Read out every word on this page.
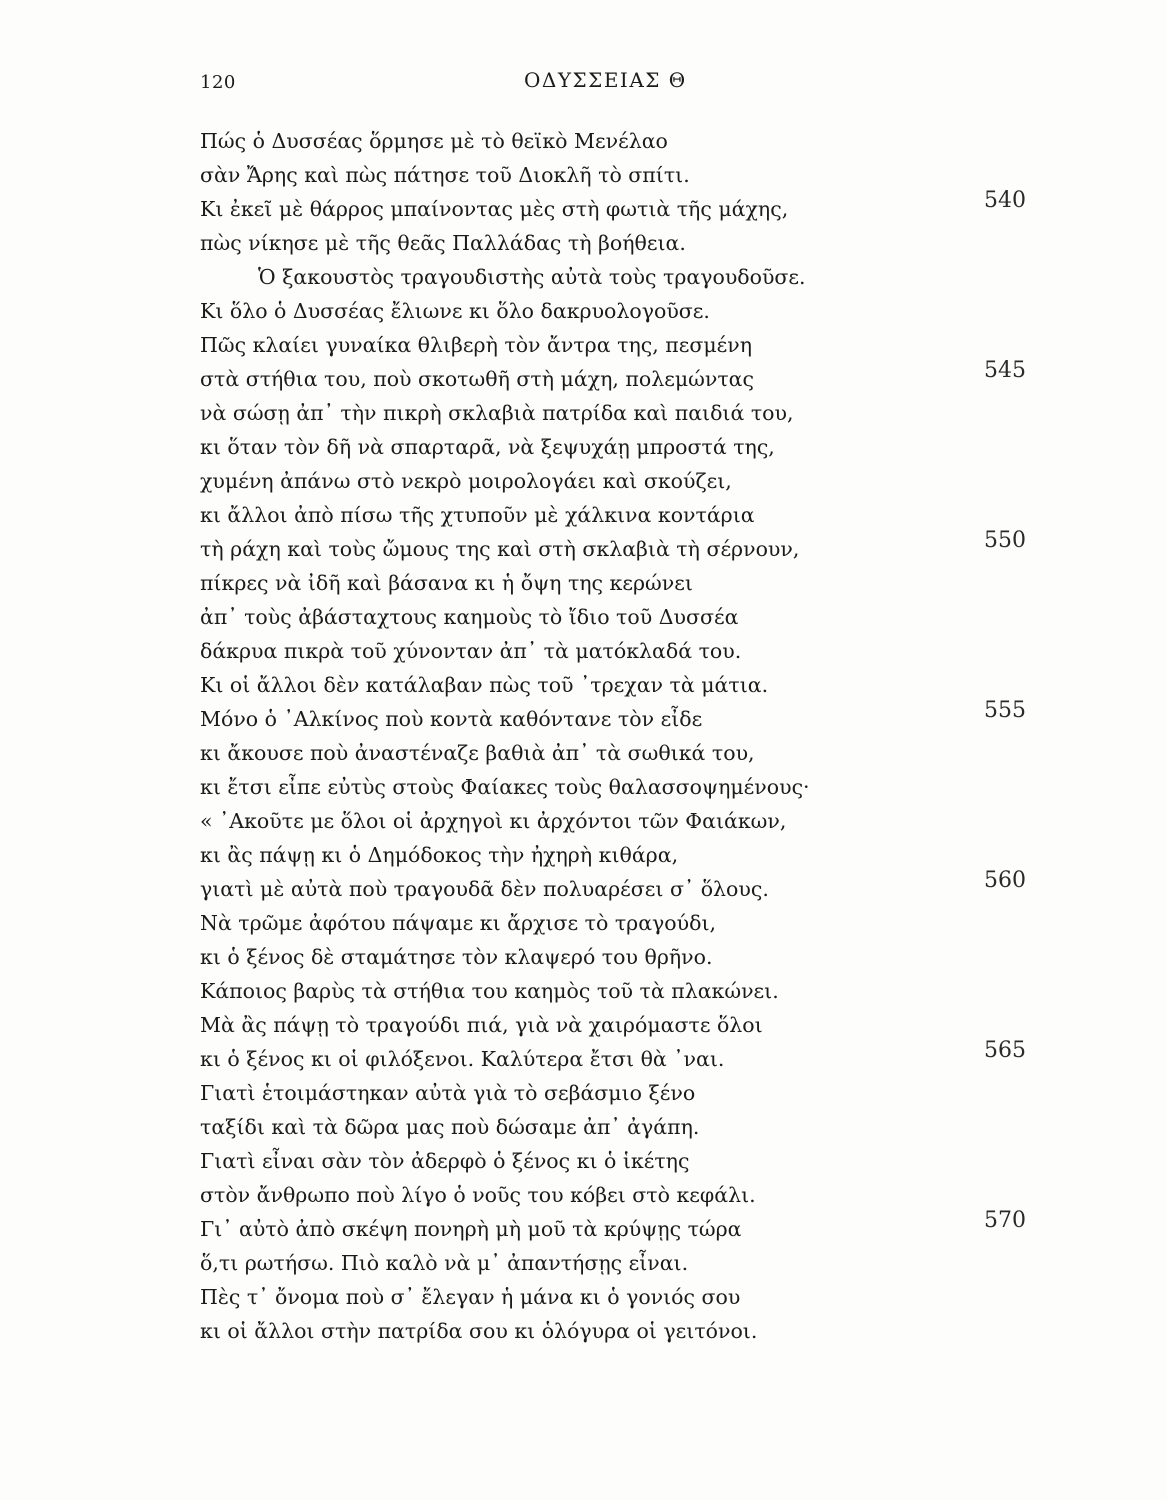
120	ΟΔΥΣΣΕΙΑΣ Θ
Πώς ὁ Δυσσέας ὅρμησε μὲ τὸ θεϊκὸ Μενέλαο
σὰν Ἄρης καὶ πὼς πάτησε τοῦ Διοκλῆ τὸ σπίτι.
Κι ἐκεῖ μὲ θάρρος μπαίνοντας μὲς στὴ φωτιὰ τῆς μάχης,	540
πὼς νίκησε μὲ τῆς θεᾶς Παλλάδας τὴ βοήθεια.
Ὁ ξακουστὸς τραγουδιστὴς αὐτὰ τοὺς τραγουδοῦσε.
Κι ὅλο ὁ Δυσσέας ἔλιωνε κι ὅλο δακρυολογοῦσε.
Πῶς κλαίει γυναίκα θλιβερὴ τὸν ἄντρα της, πεσμένη
στὰ στήθια του, ποὺ σκοτωθῆ στὴ μάχη, πολεμώντας	545
νὰ σώσῃ ἀπ᾽ τὴν πικρὴ σκλαβιὰ πατρίδα καὶ παιδιά του,
κι ὅταν τὸν δῆ νὰ σπαρταρᾶ, νὰ ξεψυχάῃ μπροστά της,
χυμένη ἀπάνω στὸ νεκρὸ μοιρολογάει καὶ σκούζει,
κι ἄλλοι ἀπὸ πίσω τῆς χτυποῦν μὲ χάλκινα κοντάρια
τὴ ράχη καὶ τοὺς ὤμους της καὶ στὴ σκλαβιὰ τὴ σέρνουν,	550
πίκρες νὰ ἰδῆ καὶ βάσανα κι ἡ ὄψη της κερώνει
ἀπ᾽ τοὺς ἀβάσταχτους καημοὺς τὸ ἴδιο τοῦ Δυσσέα
δάκρυα πικρὰ τοῦ χύνονταν ἀπ᾽ τὰ ματόκλαδά του.
Κι οἱ ἄλλοι δὲν κατάλαβαν πὼς τοῦ ᾽τρεχαν τὰ μάτια.
Μόνο ὁ ᾽Αλκίνος ποὺ κοντὰ καθόντανε τὸν εἶδε	555
κι ἄκουσε ποὺ ἀναστέναζε βαθιὰ ἀπ᾽ τὰ σωθικά του,
κι ἔτσι εἶπε εὐτὺς στοὺς Φαίακες τοὺς θαλασσοψημένους·
« ᾽Ακοῦτε με ὅλοι οἱ ἀρχηγοὶ κι ἀρχόντοι τῶν Φαιάκων,
κι ἂς πάψῃ κι ὁ Δημόδοκος τὴν ἠχηρὴ κιθάρα,
γιατὶ μὲ αὐτὰ ποὺ τραγουδᾶ δὲν πολυαρέσει σ᾽ ὅλους.	560
Νὰ τρῶμε ἀφότου πάψαμε κι ἄρχισε τὸ τραγούδι,
κι ὁ ξένος δὲ σταμάτησε τὸν κλαψερό του θρῆνο.
Κάποιος βαρὺς τὰ στήθια του καημὸς τοῦ τὰ πλακώνει.
Μὰ ἂς πάψῃ τὸ τραγούδι πιά, γιὰ νὰ χαιρόμαστε ὅλοι
κι ὁ ξένος κι οἱ φιλόξενοι. Καλύτερα ἔτσι θὰ ᾽ναι.	565
Γιατὶ ἑτοιμάστηκαν αὐτὰ γιὰ τὸ σεβάσμιο ξένο
ταξίδι καὶ τὰ δῶρα μας ποὺ δώσαμε ἀπ᾽ ἀγάπη.
Γιατὶ εἶναι σὰν τὸν ἀδερφὸ ὁ ξένος κι ὁ ἱκέτης
στὸν ἄνθρωπο ποὺ λίγο ὁ νοῦς του κόβει στὸ κεφάλι.
Γι᾽ αὐτὸ ἀπὸ σκέψη πονηρὴ μὴ μοῦ τὰ κρύψῃς τώρα	570
ὅ,τι ρωτήσω. Πιὸ καλὸ νὰ μ᾽ ἀπαντήσῃς εἶναι.
Πὲς τ᾽ ὄνομα ποὺ σ᾽ ἔλεγαν ἡ μάνα κι ὁ γονιός σου
κι οἱ ἄλλοι στὴν πατρίδα σου κι ὁλόγυρα οἱ γειτόνοι.
